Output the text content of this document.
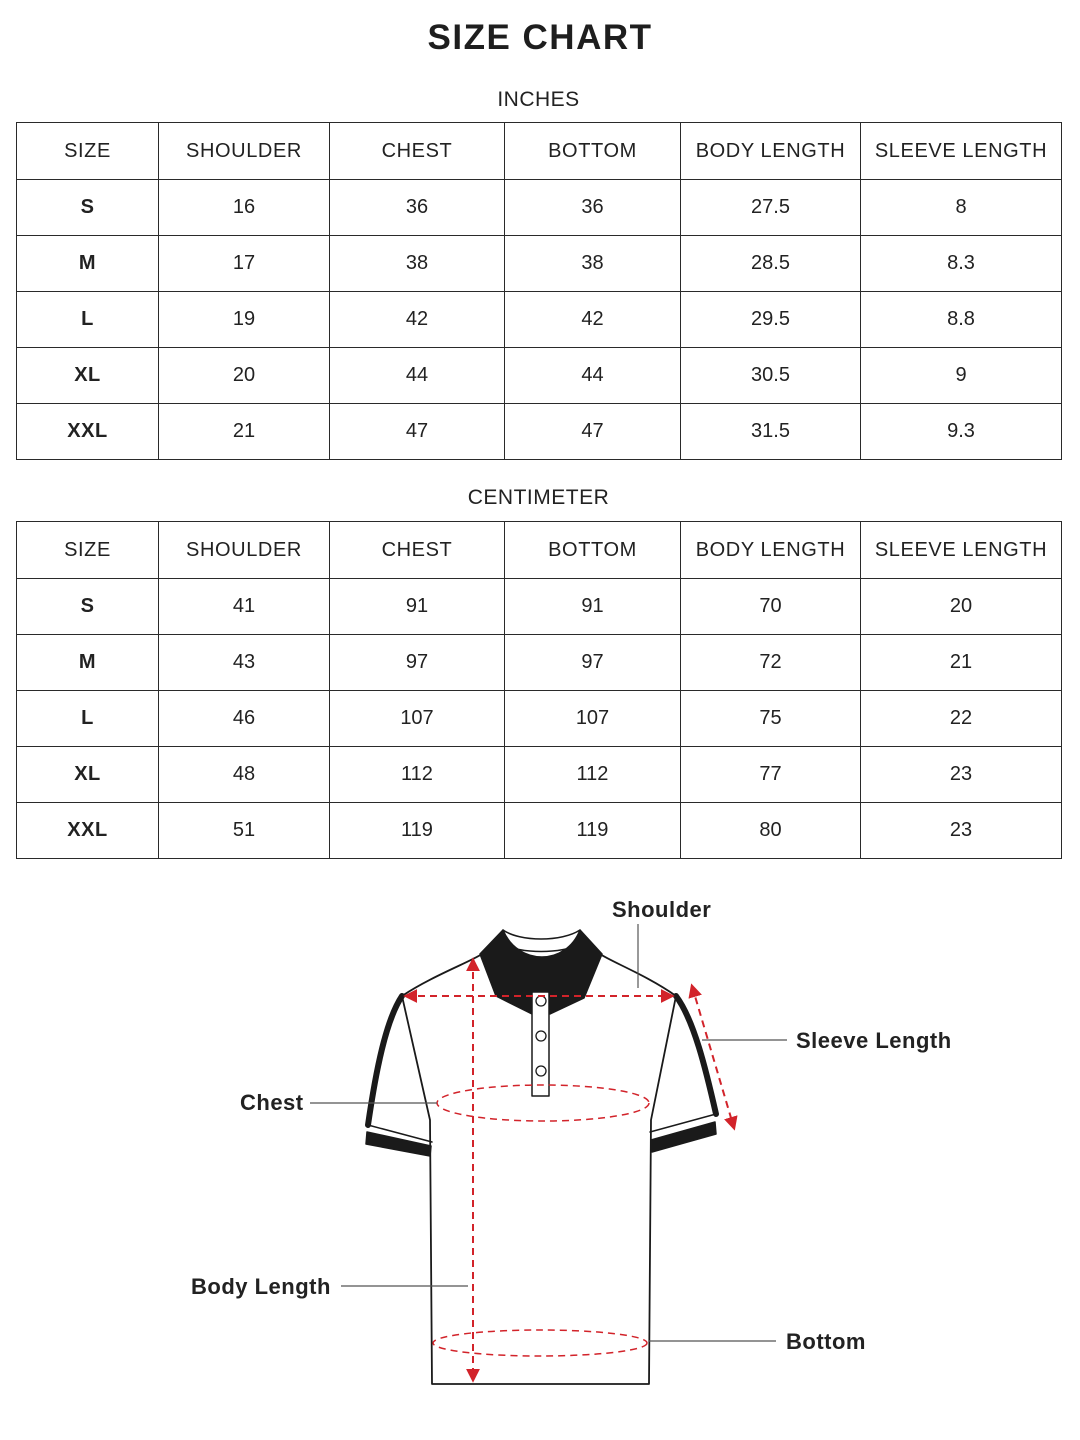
SIZE CHART
INCHES
SIZE	SHOULDER	CHEST	BOTTOM	BODY LENGTH	SLEEVE LENGTH
S	16	36	36	27.5	8
M	17	38	38	28.5	8.3
L	19	42	42	29.5	8.8
XL	20	44	44	30.5	9
XXL	21	47	47	31.5	9.3
CENTIMETER
SIZE	SHOULDER	CHEST	BOTTOM	BODY LENGTH	SLEEVE LENGTH
S	41	91	91	70	20
M	43	97	97	72	21
L	46	107	107	75	22
XL	48	112	112	77	23
XXL	51	119	119	80	23
Shoulder
Sleeve Length
Chest
Body Length
Bottom
